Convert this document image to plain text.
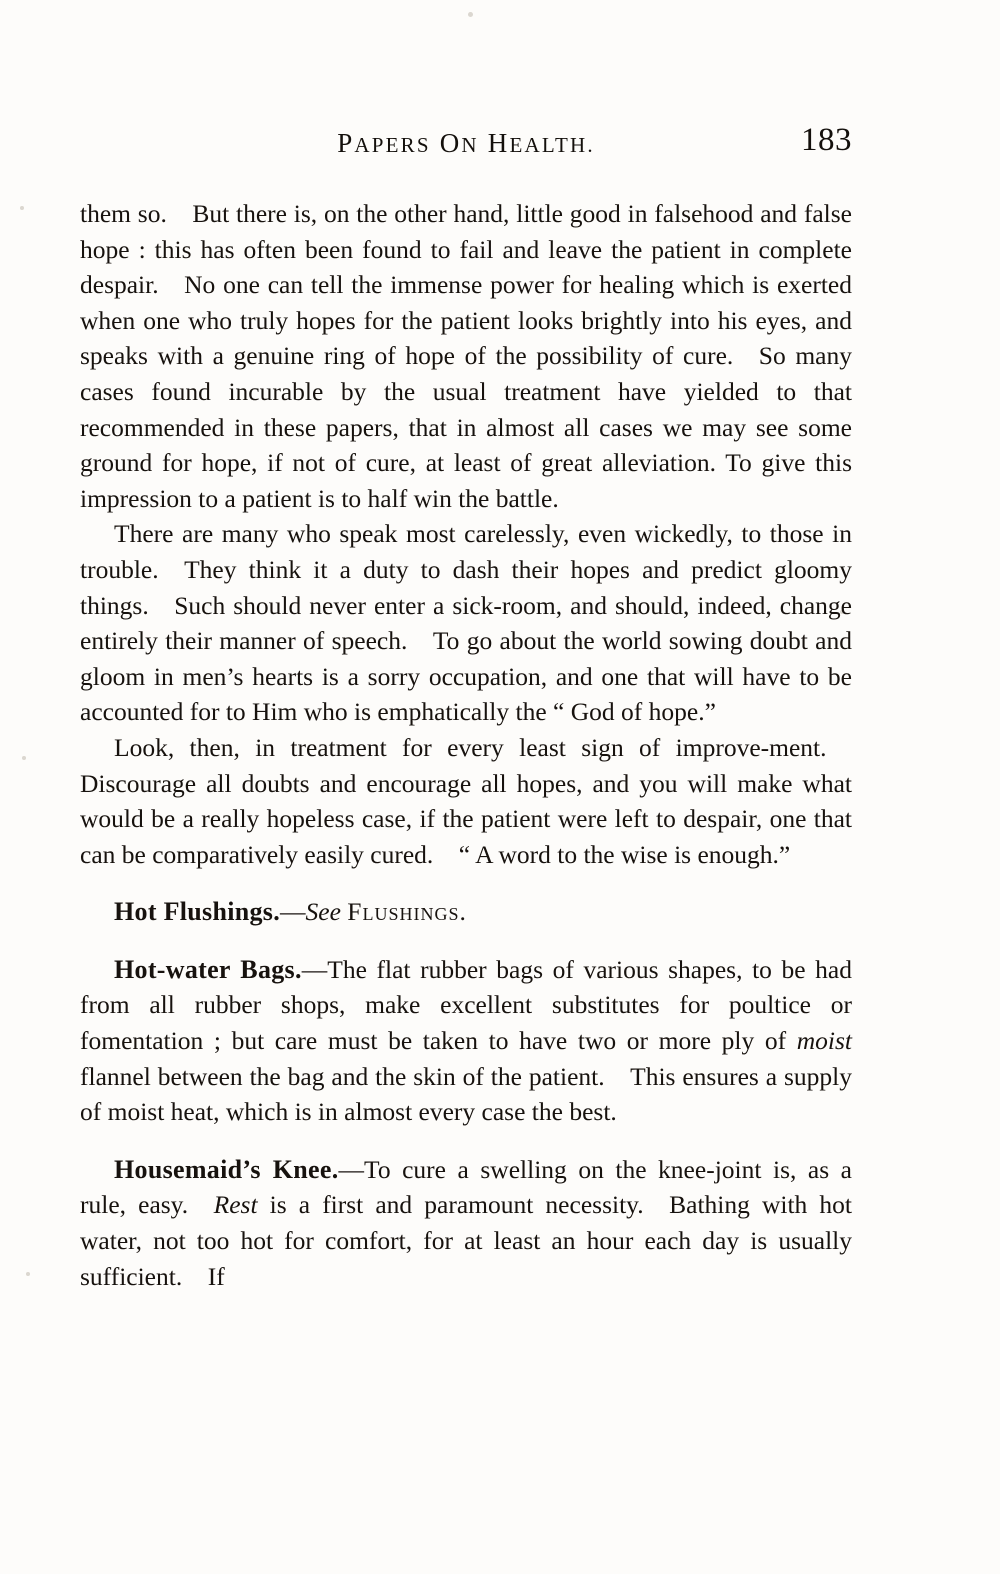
PAPERS ON HEALTH.	183

them so. But there is, on the other hand, little good in falsehood and false hope : this has often been found to fail and leave the patient in complete despair. No one can tell the immense power for healing which is exerted when one who truly hopes for the patient looks brightly into his eyes, and speaks with a genuine ring of hope of the possibility of cure. So many cases found incurable by the usual treatment have yielded to that recommended in these papers, that in almost all cases we may see some ground for hope, if not of cure, at least of great alleviation. To give this impression to a patient is to half win the battle.

There are many who speak most carelessly, even wickedly, to those in trouble. They think it a duty to dash their hopes and predict gloomy things. Such should never enter a sick-room, and should, indeed, change entirely their manner of speech. To go about the world sowing doubt and gloom in men’s hearts is a sorry occupation, and one that will have to be accounted for to Him who is emphatically the “ God of hope.”

Look, then, in treatment for every least sign of improve-ment. Discourage all doubts and encourage all hopes, and you will make what would be a really hopeless case, if the patient were left to despair, one that can be comparatively easily cured. “ A word to the wise is enough.”

Hot Flushings.—See Flushings.

Hot-water Bags.—The flat rubber bags of various shapes, to be had from all rubber shops, make excellent substitutes for poultice or fomentation ; but care must be taken to have two or more ply of moist flannel between the bag and the skin of the patient. This ensures a supply of moist heat, which is in almost every case the best.

Housemaid’s Knee.—To cure a swelling on the knee-joint is, as a rule, easy. Rest is a first and paramount necessity. Bathing with hot water, not too hot for comfort, for at least an hour each day is usually sufficient. If
